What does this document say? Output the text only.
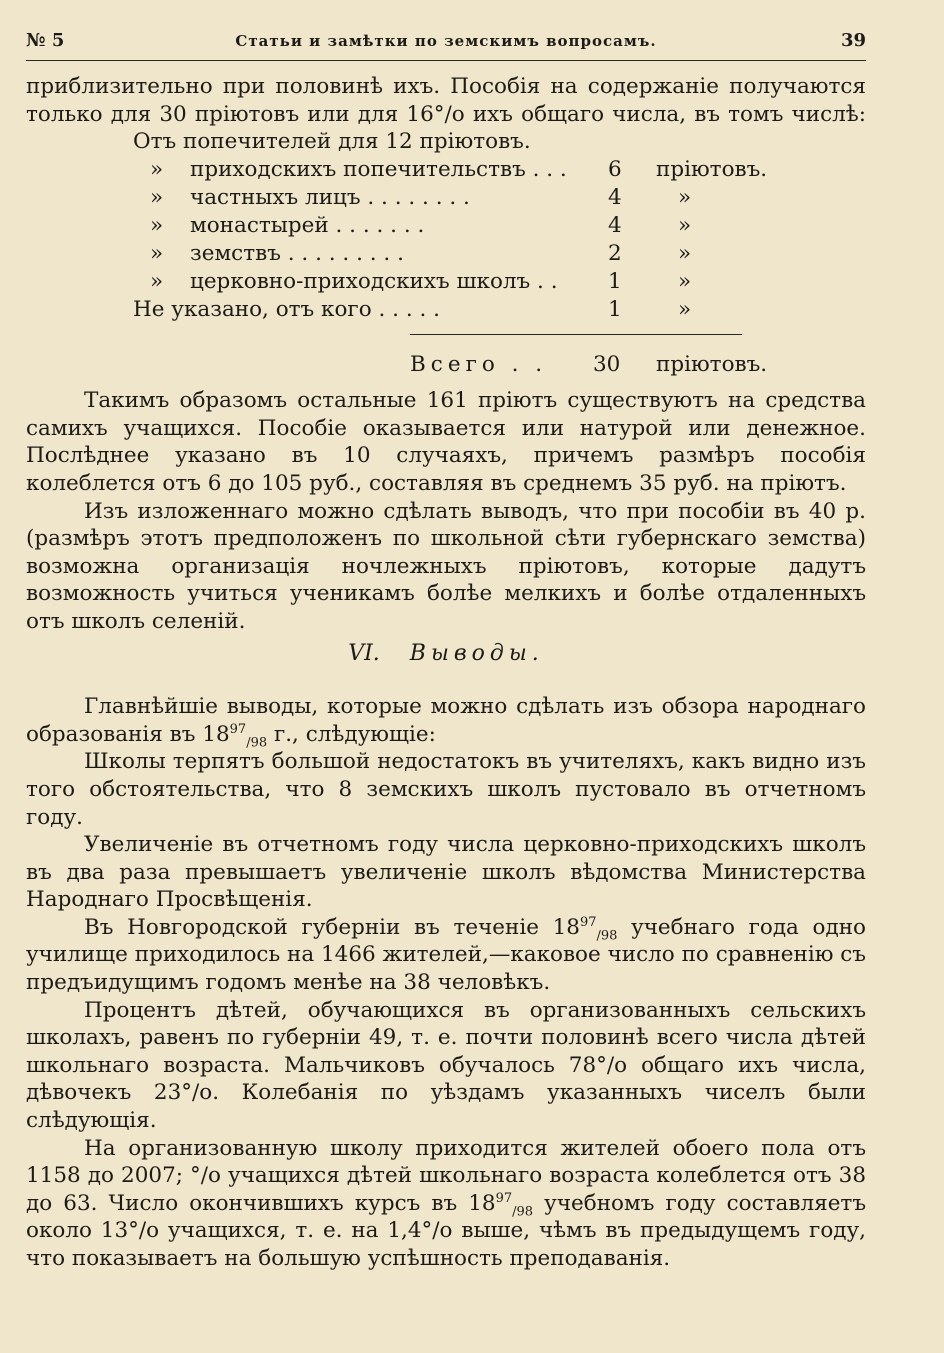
№ 5	Статьи и замѣтки по земскимъ вопросамъ.	39

приблизительно при половинѣ ихъ. Пособія на содержаніе получаются

только для 30 пріютовъ или для 16°/о ихъ общаго числа, въ томъ числѣ:

Отъ попечителей для 12 пріютовъ.
» приходскихъ попечительствъ . . . 6 пріютовъ.
» частныхъ лицъ . . . . . . . .	4	»
» монастырей . . . . . . .	4	»
» земствъ . . . . . . . . .	2	»
» церковно-приходскихъ школъ . . 1	»
Не указано, отъ кого . . . . .	1	»
Всего . . 30 пріютовъ.

Такимъ образомъ остальные 161 пріютъ существуютъ на средства самихъ учащихся. Пособіе оказывается или натурой или денежное. Послѣднее указано въ 10 случаяхъ, причемъ размѣръ пособія колеблется отъ 6 до 105 руб., составляя въ среднемъ 35 руб. на пріютъ.

Изъ изложеннаго можно сдѣлать выводъ, что при пособіи въ 40 р. (размѣръ этотъ предположенъ по школьной сѣти губернскаго земства) возможна организація ночлежныхъ пріютовъ, которые дадутъ возможность учиться ученикамъ болѣе мелкихъ и болѣе отдаленныхъ отъ школъ селеній.

VI. Выводы.

Главнѣйшіе выводы, которые можно сдѣлать изъ обзора народнаго образованія въ $18^{97}_{/98}$ г., слѣдующіе:

Школы терпятъ большой недостатокъ въ учителяхъ, какъ видно изъ того обстоятельства, что 8 земскихъ школъ пустовало въ отчетномъ году.

Увеличеніе въ отчетномъ году числа церковно-приходскихъ школъ въ два раза превышаетъ увеличеніе школъ вѣдомства Министерства Народнаго Просвѣщенія.

Въ Новгородской губерніи въ теченіе $18^{97}_{/98}$ учебнаго года одно училище приходилось на 1466 жителей,—каковое число по сравненію съ предъидущимъ годомъ менѣе на 38 человѣкъ.

Процентъ дѣтей, обучающихся въ организованныхъ сельскихъ школахъ, равенъ по губерніи 49, т. е. почти половинѣ всего числа дѣтей школьнаго возраста. Мальчиковъ обучалось 78°/о общаго ихъ числа, дѣвочекъ 23°/о. Колебанія по уѣздамъ указанныхъ чиселъ были слѣдующія.

На организованную школу приходится жителей обоего пола отъ 1158 до 2007; °/о учащихся дѣтей школьнаго возраста колеблется отъ 38 до 63. Число окончившихъ курсъ въ $18^{97}_{/98}$ учебномъ году составляетъ около 13°/о учащихся, т. е. на 1,4°/о выше, чѣмъ въ предыдущемъ году, что показываетъ на большую успѣшность преподаванія.
